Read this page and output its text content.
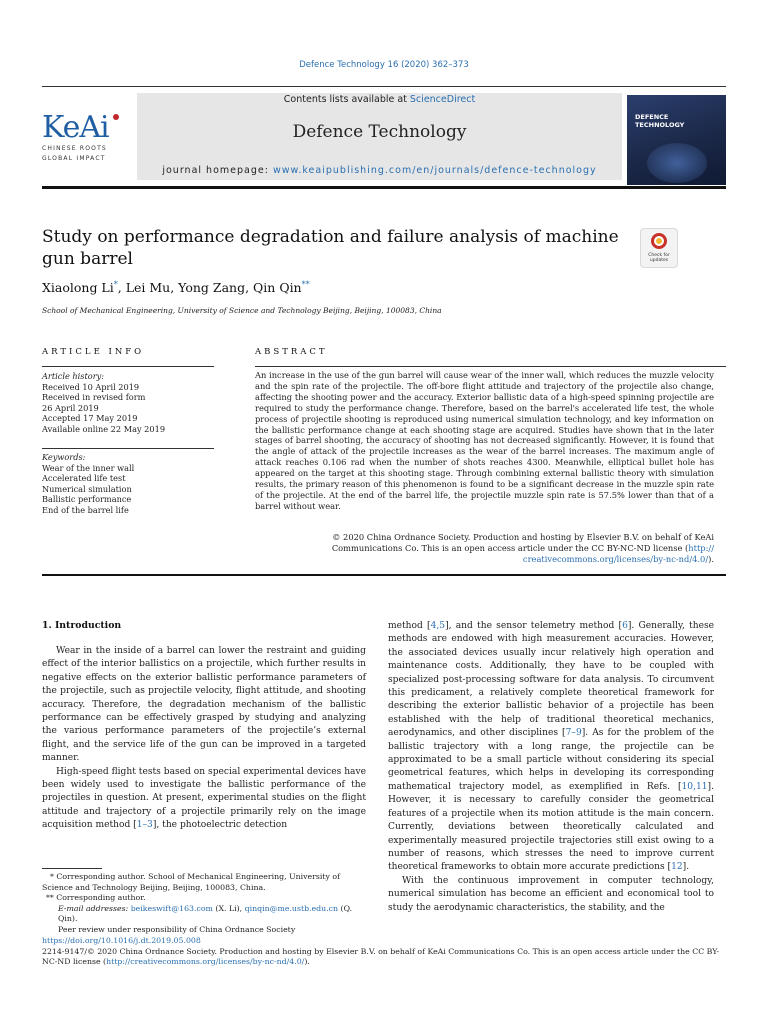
Defence Technology 16 (2020) 362–373
KeAi
CHINESE ROOTS
GLOBAL IMPACT
Contents lists available at ScienceDirect
Defence Technology
journal homepage: www.keaipublishing.com/en/journals/defence-technology
DEFENCE
TECHNOLOGY
Study on performance degradation and failure analysis of machine gun barrel	Check for
updates
Xiaolong Li*, Lei Mu, Yong Zang, Qin Qin**
School of Mechanical Engineering, University of Science and Technology Beijing, Beijing, 100083, China
ARTICLE INFO	ABSTRACT
Article history:
Received 10 April 2019
Received in revised form
26 April 2019
Accepted 17 May 2019
Available online 22 May 2019
Keywords:
Wear of the inner wall
Accelerated life test
Numerical simulation
Ballistic performance
End of the barrel life
An increase in the use of the gun barrel will cause wear of the inner wall, which reduces the muzzle velocity and the spin rate of the projectile. The off-bore flight attitude and trajectory of the projectile also change, affecting the shooting power and the accuracy. Exterior ballistic data of a high-speed spinning projectile are required to study the performance change. Therefore, based on the barrel's accelerated life test, the whole process of projectile shooting is reproduced using numerical simulation technology, and key information on the ballistic performance change at each shooting stage are acquired. Studies have shown that in the later stages of barrel shooting, the accuracy of shooting has not decreased significantly. However, it is found that the angle of attack of the projectile increases as the wear of the barrel increases. The maximum angle of attack reaches 0.106 rad when the number of shots reaches 4300. Meanwhile, elliptical bullet hole has appeared on the target at this shooting stage. Through combining external ballistic theory with simulation results, the primary reason of this phenomenon is found to be a significant decrease in the muzzle spin rate of the projectile. At the end of the barrel life, the projectile muzzle spin rate is 57.5% lower than that of a barrel without wear.
© 2020 China Ordnance Society. Production and hosting by Elsevier B.V. on behalf of KeAi
Communications Co. This is an open access article under the CC BY-NC-ND license (http://
creativecommons.org/licenses/by-nc-nd/4.0/).
1. Introduction

Wear in the inside of a barrel can lower the restraint and guiding effect of the interior ballistics on a projectile, which further results in negative effects on the exterior ballistic performance parameters of the projectile, such as projectile velocity, flight attitude, and shooting accuracy. Therefore, the degradation mechanism of the ballistic performance can be effectively grasped by studying and analyzing the various performance parameters of the projectile’s external flight, and the service life of the gun can be improved in a targeted manner.

High-speed flight tests based on special experimental devices have been widely used to investigate the ballistic performance of the projectiles in question. At present, experimental studies on the flight attitude and trajectory of a projectile primarily rely on the image acquisition method [1–3], the photoelectric detection

method [4,5], and the sensor telemetry method [6]. Generally, these methods are endowed with high measurement accuracies. However, the associated devices usually incur relatively high operation and maintenance costs. Additionally, they have to be coupled with specialized post-processing software for data analysis. To circumvent this predicament, a relatively complete theoretical framework for describing the exterior ballistic behavior of a projectile has been established with the help of traditional theoretical mechanics, aerodynamics, and other disciplines [7–9]. As for the problem of the ballistic trajectory with a long range, the projectile can be approximated to be a small particle without considering its special geometrical features, which helps in developing its corresponding mathematical trajectory model, as exemplified in Refs. [10,11]. However, it is necessary to carefully consider the geometrical features of a projectile when its motion attitude is the main concern. Currently, deviations between theoretically calculated and experimentally measured projectile trajectories still exist owing to a number of reasons, which stresses the need to improve current theoretical frameworks to obtain more accurate predictions [12].

With the continuous improvement in computer technology, numerical simulation has become an efficient and economical tool to study the aerodynamic characteristics, the stability, and the

* Corresponding author. School of Mechanical Engineering, University of Science and Technology Beijing, Beijing, 100083, China.
** Corresponding author.
E-mail addresses: beikeswift@163.com (X. Li), qinqin@me.ustb.edu.cn (Q. Qin).
Peer review under responsibility of China Ordnance Society
https://doi.org/10.1016/j.dt.2019.05.008
2214-9147/© 2020 China Ordnance Society. Production and hosting by Elsevier B.V. on behalf of KeAi Communications Co. This is an open access article under the CC BY-NC-ND license (http://creativecommons.org/licenses/by-nc-nd/4.0/).
